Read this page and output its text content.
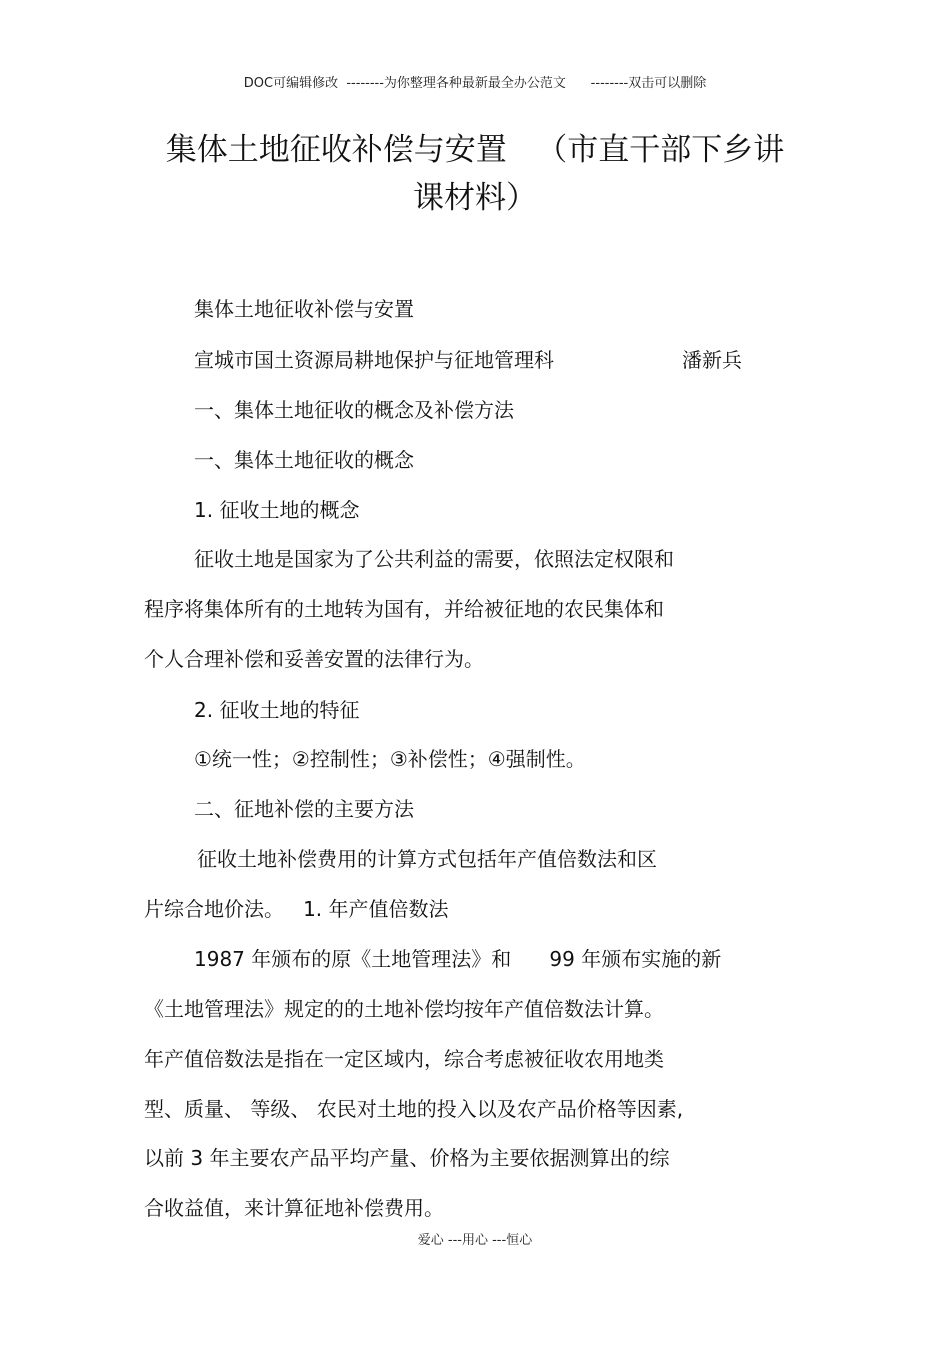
DOC可编辑修改  --------为你整理各种最新最全办公范文      --------双击可以删除
集体土地征收补偿与安置   （市直干部下乡讲
课材料）
集体土地征收补偿与安置
宣城市国土资源局耕地保护与征地管理科	潘新兵
一、集体土地征收的概念及补偿方法
一、集体土地征收的概念
1. 征收土地的概念
征收土地是国家为了公共利益的需要，依照法定权限和
程序将集体所有的土地转为国有，并给被征地的农民集体和
个人合理补偿和妥善安置的法律行为。
2. 征收土地的特征
①统一性；②控制性；③补偿性；④强制性。
二、征地补偿的主要方法
征收土地补偿费用的计算方式包括年产值倍数法和区
片综合地价法。   1. 年产值倍数法
1987 年颁布的原《土地管理法》和      99 年颁布实施的新
《土地管理法》规定的的土地补偿均按年产值倍数法计算。
年产值倍数法是指在一定区域内，综合考虑被征收农用地类
型、质量、 等级、 农民对土地的投入以及农产品价格等因素,
以前 3 年主要农产品平均产量、价格为主要依据测算出的综
合收益值，来计算征地补偿费用。
爱心 ---用心 ---恒心
